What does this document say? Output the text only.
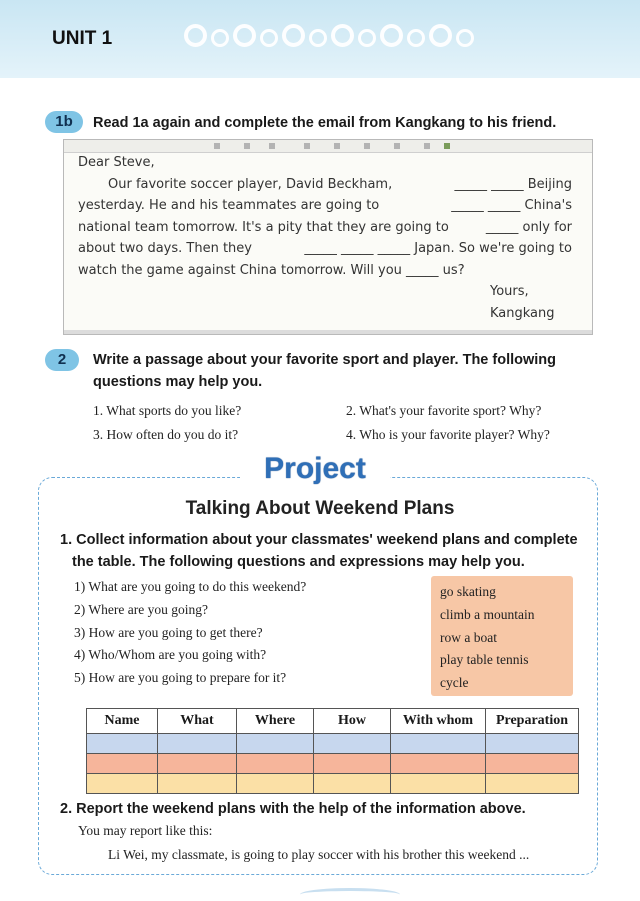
UNIT 1
1b	Read 1a again and complete the email from Kangkang to his friend.
Dear Steve,
Our favorite soccer player, David Beckham,	_____ _____ Beijing
yesterday. He and his teammates are going to	_____ _____ China's
national team tomorrow. It's a pity that they are going to	_____ only for
about two days. Then they	_____ _____ _____ Japan. So we're going to
watch the game against China tomorrow. Will you _____ us?
Yours,
Kangkang
2	Write a passage about your favorite sport and player. The following
questions may help you.
1. What sports do you like?	2. What's your favorite sport? Why?
3. How often do you do it?	4. Who is your favorite player? Why?
Project
Talking About Weekend Plans
1. Collect information about your classmates' weekend plans and complete
the table. The following questions and expressions may help you.
1) What are you going to do this weekend?
2) Where are you going?
3) How are you going to get there?
4) Who/Whom are you going with?
5) How are you going to prepare for it?
go skating
climb a mountain
row a boat
play table tennis
cycle
Name	What	Where	How	With whom	Preparation

2. Report the weekend plans with the help of the information above.
You may report like this:
Li Wei, my classmate, is going to play soccer with his brother this weekend ...
